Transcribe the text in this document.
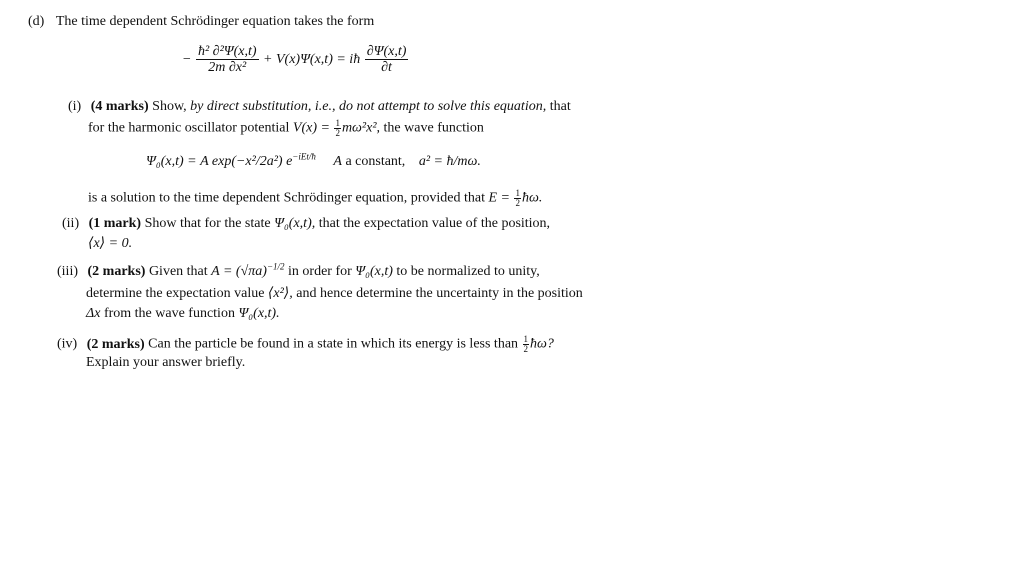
(d) The time dependent Schrödinger equation takes the form
− $\frac{\text{ħ² ∂²Ψ(x,t)}}{\text{2m ∂x²}} + V(x)\Psi(x,t)$ = iħ $\frac{\partial\Psi(x,t)}{\partial t}$
(i) (4 marks) Show, by direct substitution, i.e., do not attempt to solve this equation, that
for the harmonic oscillator potential $V(x) = \frac{1}{2} m\omega^2x^2$, the wave function
Ψ₀(x,t) = A exp(−x²/2a²) $e^{-iEt/ħ}$ A a constant, a² = ħ/mω.
is a solution to the time dependent Schrödinger equation, provided that $E = \frac{1}{2}$ ħω.
(ii) (1 mark) Show that for the state Ψ₀(x,t), that the expectation value of the position,
⟨x⟩ = 0.
(iii) (2 marks) Given that $A = (√\pi a)^{-1/2}$ in order for Ψ₀(x,t) to be normalized to unity,
determine the expectation value ⟨x²⟩, and hence determine the uncertainty in the position
Δx from the wave function Ψ₀(x,t).
(iv) (2 marks) Can the particle be found in a state in which its energy is less than $\frac{1}{2}$ ħω?
Explain your answer briefly.
